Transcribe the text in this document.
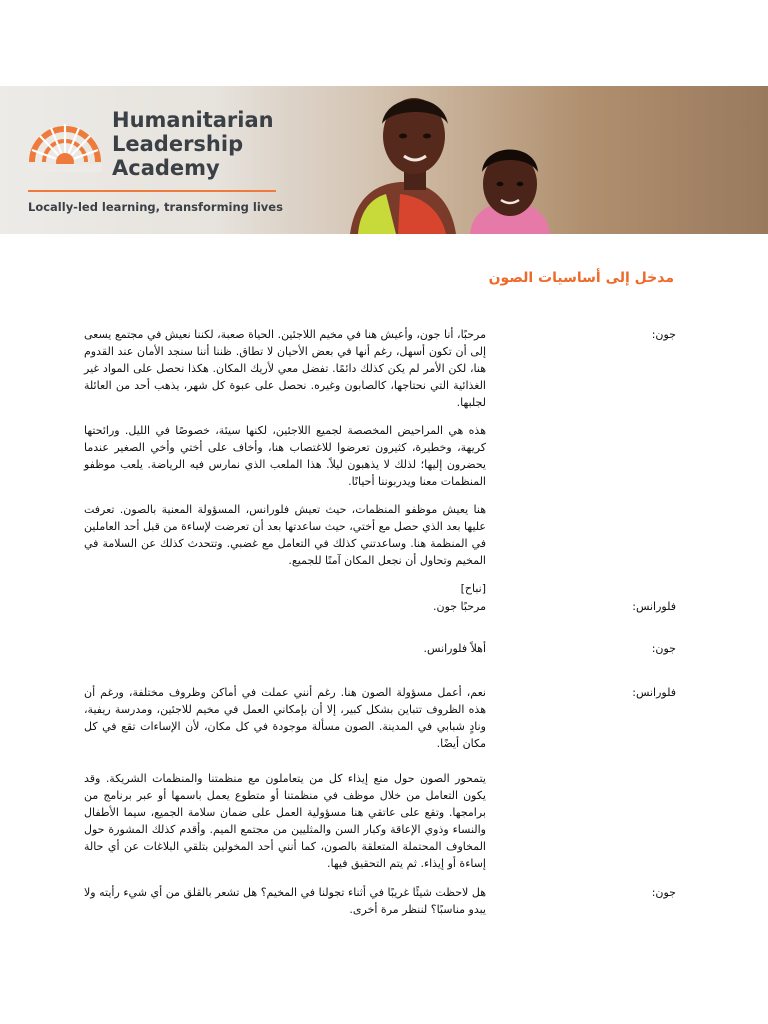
Humanitarian
Leadership
Academy
Locally-led learning, transforming lives
مدخل إلى أساسيات الصون
جون:

مرحبًا، أنا جون، وأعيش هنا في مخيم اللاجئين. الحياة صعبة، لكننا نعيش في مجتمع يسعى إلى أن تكون أسهل، رغم أنها في بعض الأحيان لا تطاق. ظننا أننا سنجد الأمان عند القدوم هنا، لكن الأمر لم يكن كذلك دائمًا. تفضل معي لأريك المكان. هكذا نحصل على المواد غير الغذائية التي نحتاجها، كالصابون وغيره. نحصل على عبوة كل شهر، يذهب أحد من العائلة لجلبها.

هذه هي المراحيض المخصصة لجميع اللاجئين، لكنها سيئة، خصوصًا في الليل. ورائحتها كريهة، وخطيرة، كثيرون تعرضوا للاغتصاب هنا، وأخاف على أختي وأخي الصغير عندما يحضرون إليها؛ لذلك لا يذهبون ليلاً. هذا الملعب الذي نمارس فيه الرياضة. يلعب موظفو المنظمات معنا ويدربوننا أحيانًا.

هنا يعيش موظفو المنظمات، حيث تعيش فلورانس، المسؤولة المعنية بالصون. تعرفت عليها بعد الذي حصل مع أختي، حيث ساعدتها بعد أن تعرضت لإساءة من قبل أحد العاملين في المنظمة هنا. وساعدتني كذلك في التعامل مع غضبي. وتتحدث كذلك عن السلامة في المخيم وتحاول أن نجعل المكان آمنًا للجميع.

[نباح]

فلورانس:

مرحبًا جون.

جون:

أهلاً فلورانس.

فلورانس:

نعم، أعمل مسؤولة الصون هنا. رغم أنني عملت في أماكن وظروف مختلفة، ورغم أن هذه الظروف تتباين بشكل كبير، إلا أن بإمكاني العمل في مخيم للاجئين، ومدرسة ريفية، ونادٍ شبابي في المدينة. الصون مسألة موجودة في كل مكان، لأن الإساءات تقع في كل مكان أيضًا.

يتمحور الصون حول منع إيذاء كل من يتعاملون مع منظمتنا والمنظمات الشريكة. وقد يكون التعامل من خلال موظف في منظمتنا أو متطوع يعمل باسمها أو عبر برنامج من برامجها. وتقع على عاتقي هنا مسؤولية العمل على ضمان سلامة الجميع، سيما الأطفال والنساء وذوي الإعاقة وكبار السن والمثليين من مجتمع الميم. وأقدم كذلك المشورة حول المخاوف المحتملة المتعلقة بالصون، كما أنني أحد المخولين بتلقي البلاغات عن أي حالة إساءة أو إيذاء. ثم يتم التحقيق فيها.

جون:

هل لاحظت شيئًا غريبًا في أثناء تجولنا في المخيم؟ هل تشعر بالقلق من أي شيء رأيته ولا يبدو مناسبًا؟ لننظر مرة أخرى.
